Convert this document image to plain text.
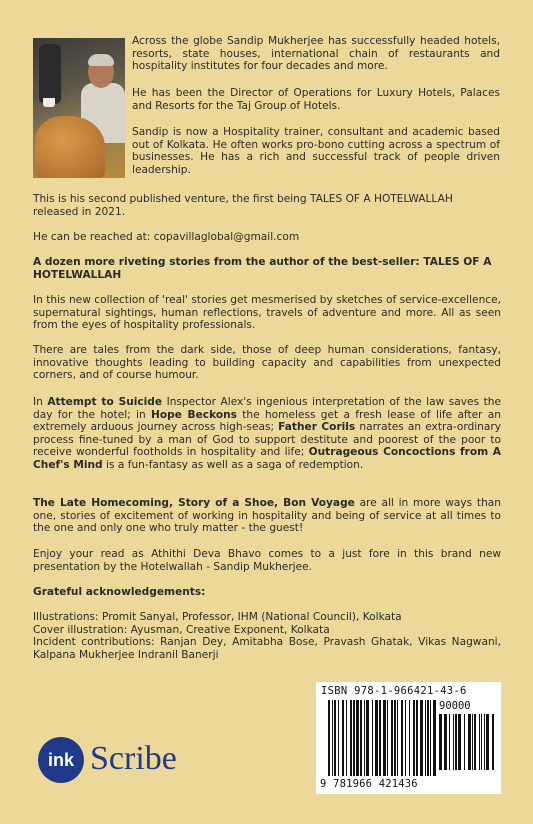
Across the globe Sandip Mukherjee has successfully headed hotels, resorts, state houses, international chain of restaurants and hospitality institutes for four decades and more.
He has been the Director of Operations for Luxury Hotels, Palaces and Resorts for the Taj Group of Hotels.
Sandip is now a Hospitality trainer, consultant and academic based out of Kolkata. He often works pro-bono cutting across a spectrum of businesses. He has a rich and successful track of people driven leadership.
This is his second published venture, the first being TALES OF A HOTELWALLAH released in 2021.
He can be reached at: copavillaglobal@gmail.com
A dozen more riveting stories from the author of the best-seller: TALES OF A HOTELWALLAH
In this new collection of 'real' stories get mesmerised by sketches of service-excellence, supernatural sightings, human reflections, travels of adventure and more. All as seen from the eyes of hospitality professionals.
There are tales from the dark side, those of deep human considerations, fantasy, innovative thoughts leading to building capacity and capabilities from unexpected corners, and of course humour.
In Attempt to Suicide Inspector Alex's ingenious interpretation of the law saves the day for the hotel; in Hope Beckons the homeless get a fresh lease of life after an extremely arduous journey across high-seas; Father Corils narrates an extra-ordinary process fine-tuned by a man of God to support destitute and poorest of the poor to receive wonderful footholds in hospitality and life; Outrageous Concoctions from A Chef's Mind is a fun-fantasy as well as a saga of redemption.
The Late Homecoming, Story of a Shoe, Bon Voyage are all in more ways than one, stories of excitement of working in hospitality and being of service at all times to the one and only one who truly matter - the guest!
Enjoy your read as Athithi Deva Bhavo comes to a just fore in this brand new presentation by the Hotelwallah - Sandip Mukherjee.
Grateful acknowledgements:
Illustrations: Promit Sanyal, Professor, IHM (National Council), Kolkata
Cover illustration: Ayusman, Creative Exponent, Kolkata
Incident contributions: Ranjan Dey, Amitabha Bose, Pravash Ghatak, Vikas Nagwani, Kalpana Mukherjee Indranil Banerji
ink Scribe
ISBN 978-1-966421-43-6
90000
9 781966 421436
